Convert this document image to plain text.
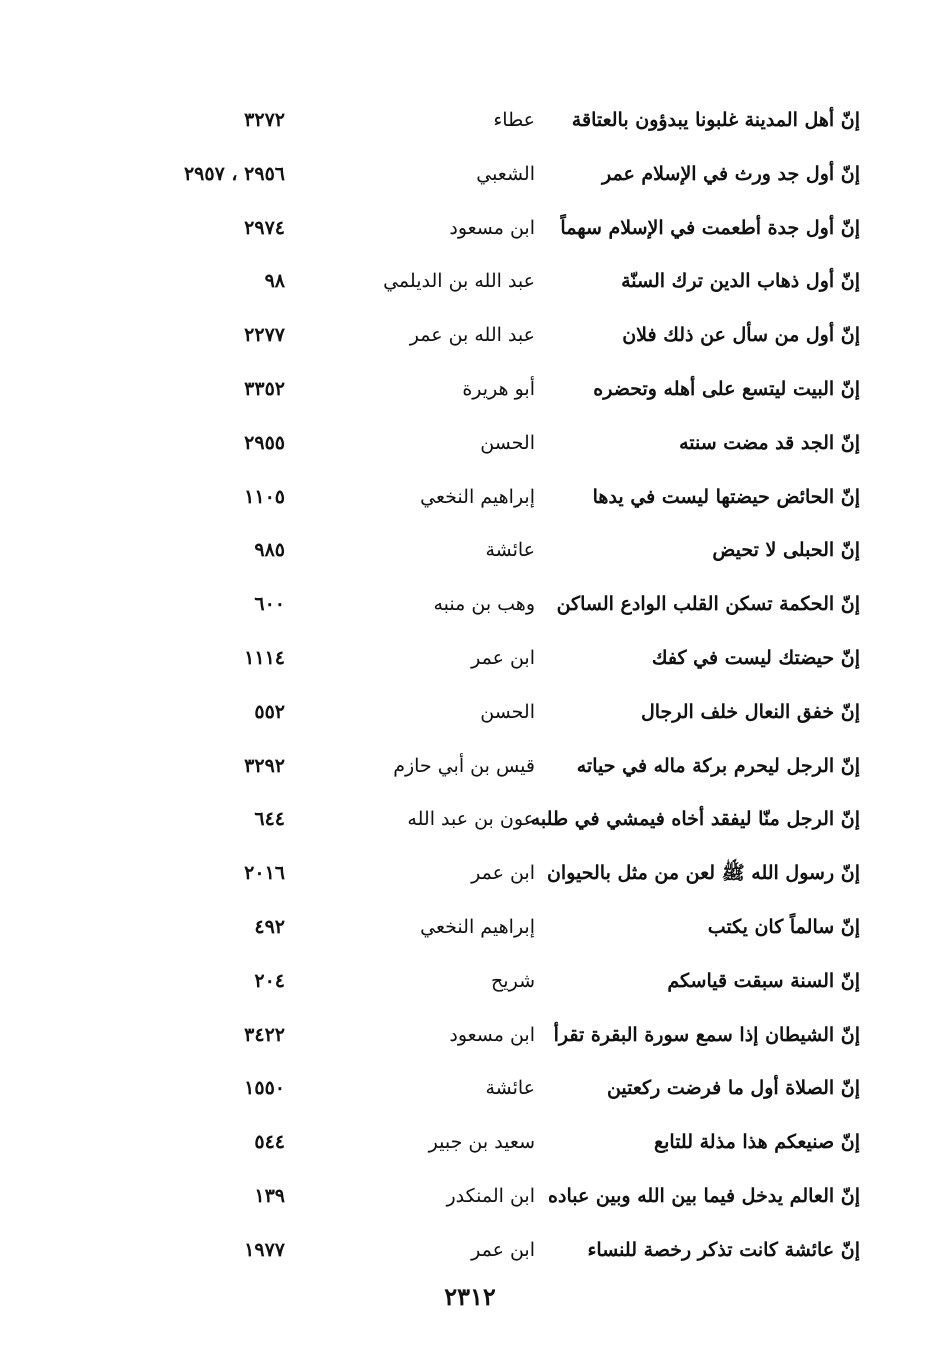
إنّ أهل المدينة غلبونا يبدؤون بالعتاقة
عطاء
٣٢٧٢
إنّ أول جد ورث في الإسلام عمر
الشعبي
٢٩٥٦ ، ٢٩٥٧
إنّ أول جدة أطعمت في الإسلام سهماً
ابن مسعود
٢٩٧٤
إنّ أول ذهاب الدين ترك السنّة
عبد الله بن الديلمي
٩٨
إنّ أول من سأل عن ذلك فلان
عبد الله بن عمر
٢٢٧٧
إنّ البيت ليتسع على أهله وتحضره
أبو هريرة
٣٣٥٢
إنّ الجد قد مضت سنته
الحسن
٢٩٥٥
إنّ الحائض حيضتها ليست في يدها
إبراهيم النخعي
١١٠٥
إنّ الحبلى لا تحيض
عائشة
٩٨٥
إنّ الحكمة تسكن القلب الوادع الساكن
وهب بن منبه
٦٠٠
إنّ حيضتك ليست في كفك
ابن عمر
١١١٤
إنّ خفق النعال خلف الرجال
الحسن
٥٥٢
إنّ الرجل ليحرم بركة ماله في حياته
قيس بن أبي حازم
٣٢٩٢
إنّ الرجل منّا ليفقد أخاه فيمشي في طلبه
عون بن عبد الله
٦٤٤
إنّ رسول الله ﷺ لعن من مثل بالحيوان
ابن عمر
٢٠١٦
إنّ سالماً كان يكتب
إبراهيم النخعي
٤٩٢
إنّ السنة سبقت قياسكم
شريح
٢٠٤
إنّ الشيطان إذا سمع سورة البقرة تقرأ
ابن مسعود
٣٤٢٢
إنّ الصلاة أول ما فرضت ركعتين
عائشة
١٥٥٠
إنّ صنيعكم هذا مذلة للتابع
سعيد بن جبير
٥٤٤
إنّ العالم يدخل فيما بين الله وبين عباده
ابن المنكدر
١٣٩
إنّ عائشة كانت تذكر رخصة للنساء
ابن عمر
١٩٧٧
٢٣١٢
